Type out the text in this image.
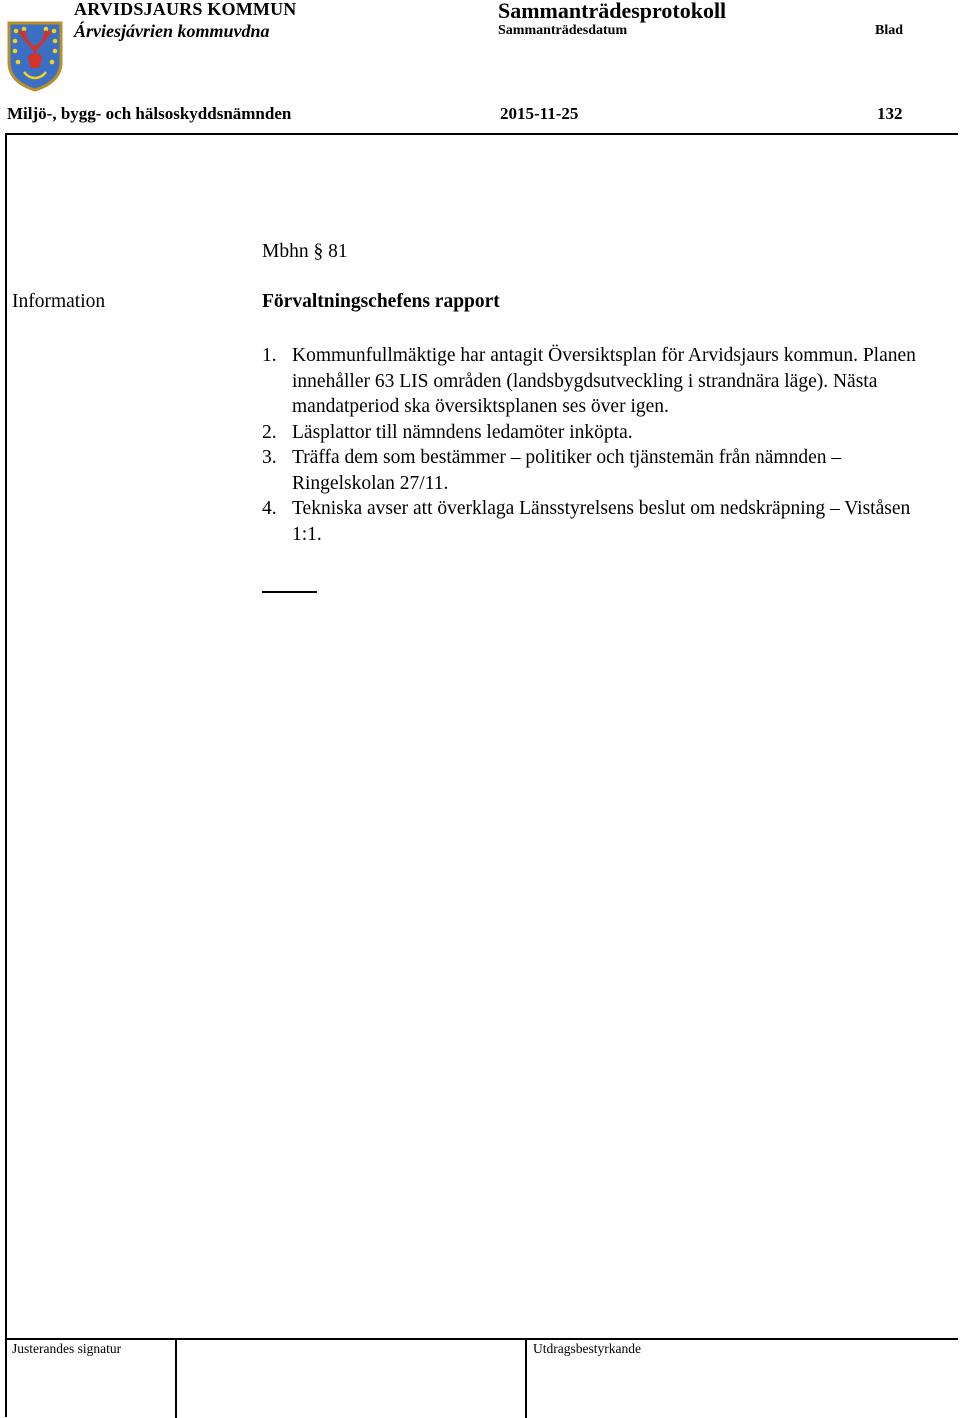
ARVIDSJAURS KOMMUN
Árviesjávrien kommuvdna
Sammanträdesprotokoll
Sammanträdesdatum	Blad
Miljö-, bygg- och hälsoskyddsnämnden	2015-11-25	132
Mbhn § 81
Information	Förvaltningschefens rapport
1. Kommunfullmäktige har antagit Översiktsplan för Arvidsjaurs kommun. Planen innehåller 63 LIS områden (landsbygdsutveckling i strandnära läge). Nästa mandatperiod ska översiktsplanen ses över igen.
2. Läsplattor till nämndens ledamöter inköpta.
3. Träffa dem som bestämmer – politiker och tjänstemän från nämnden – Ringelskolan 27/11.
4. Tekniska avser att överklaga Länsstyrelsens beslut om nedskräpning – Viståsen 1:1.
Justerandes signatur	Utdragsbestyrkande
